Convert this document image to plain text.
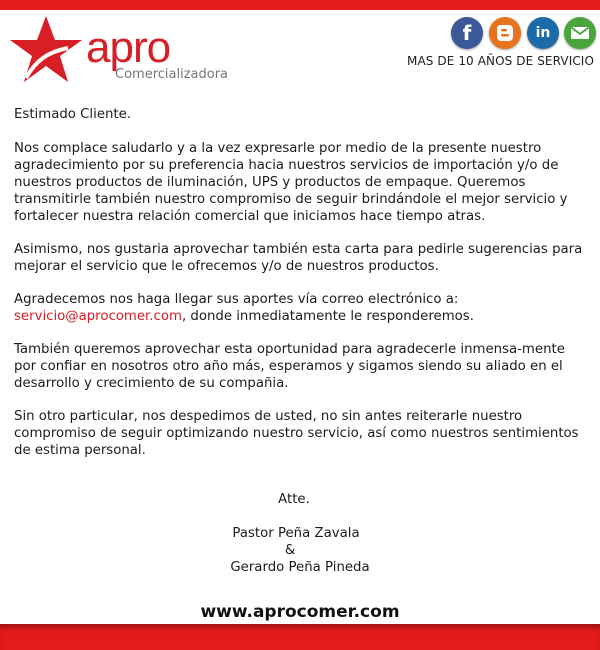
apro
Comercializadora
f	in
MAS DE 10 AÑOS DE SERVICIO

Estimado Cliente.

Nos complace saludarlo y a la vez expresarle por medio de la presente nuestro agradecimiento por su preferencia hacia nuestros servicios de importación y/o de nuestros productos de iluminación, UPS y productos de empaque. Queremos transmitirle también nuestro compromiso de seguir brindándole el mejor servicio y fortalecer nuestra relación comercial que iniciamos hace tiempo atras.

Asimismo, nos gustaria aprovechar también esta carta para pedirle sugerencias para mejorar el servicio que le ofrecemos y/o de nuestros productos.

Agradecemos nos haga llegar sus aportes vía correo electrónico a:
servicio@aprocomer.com, donde inmediatamente le responderemos.

También queremos aprovechar esta oportunidad para agradecerle inmensa-mente por confiar en nosotros otro año más, esperamos y sigamos siendo su aliado en el desarrollo y crecimiento de su compañia.

Sin otro particular, nos despedimos de usted, no sin antes reiterarle nuestro compromiso de seguir optimizando nuestro servicio, así como nuestros sentimientos de estima personal.

Atte.
Pastor Peña Zavala
&
Gerardo Peña Pineda
www.aprocomer.com
